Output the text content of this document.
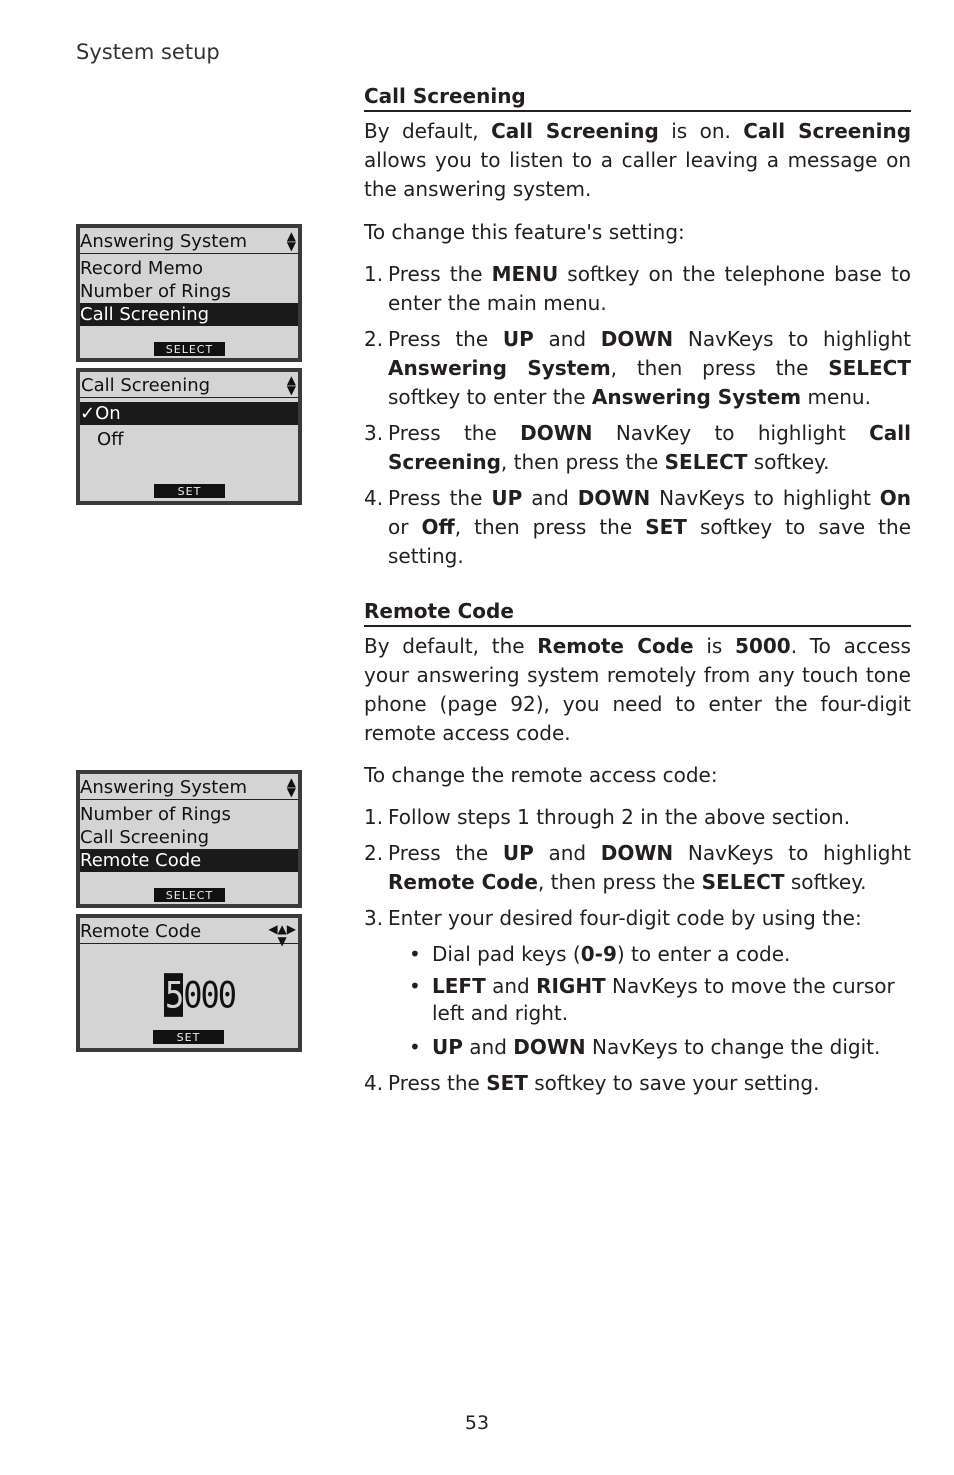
System setup
53
Call Screening

By default, Call Screening is on. Call Screening allows you to listen to a caller leaving a message on the answering system.

To change this feature's setting:

1. Press the MENU softkey on the telephone base to enter the main menu.
2. Press the UP and DOWN NavKeys to highlight Answering System, then press the SELECT softkey to enter the Answering System menu.
3. Press the DOWN NavKey to highlight Call Screening, then press the SELECT softkey.
4. Press the UP and DOWN NavKeys to highlight On or Off, then press the SET softkey to save the setting.
Remote Code

By default, the Remote Code is 5000. To access your answering system remotely from any touch tone phone (page 92), you need to enter the four-digit remote access code.

To change the remote access code:

1. Follow steps 1 through 2 in the above section.
2. Press the UP and DOWN NavKeys to highlight Remote Code, then press the SELECT softkey.
3. Enter your desired four-digit code by using the:
• Dial pad keys (0-9) to enter a code.
• LEFT and RIGHT NavKeys to move the cursor left and right.
• UP and DOWN NavKeys to change the digit.
4. Press the SET softkey to save your setting.
Answering System	▲
▼
Record Memo
Number of Rings
Call Screening
SELECT
Call Screening	▲
▼
✓On
Off
SET
Answering System	▲
▼
Number of Rings
Call Screening
Remote Code
SELECT
Remote Code	◀▲▶
▼
5000
SET
